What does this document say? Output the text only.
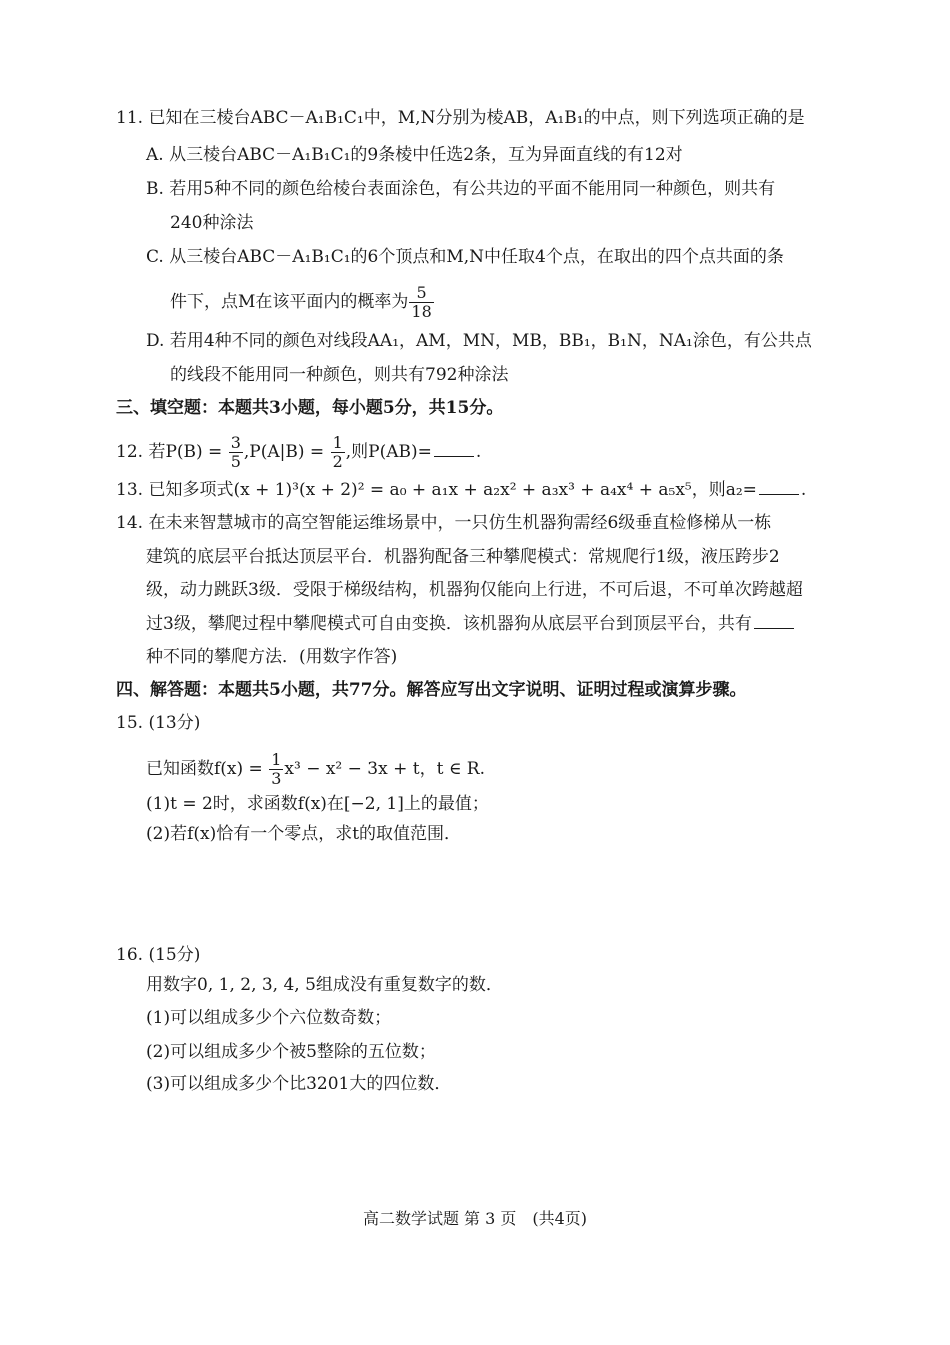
11. 已知在三棱台ABC－A₁B₁C₁中，M,N分别为棱AB，A₁B₁的中点，则下列选项正确的是
A. 从三棱台ABC－A₁B₁C₁的9条棱中任选2条，互为异面直线的有12对
B. 若用5种不同的颜色给棱台表面涂色，有公共边的平面不能用同一种颜色，则共有
240种涂法
C. 从三棱台ABC－A₁B₁C₁的6个顶点和M,N中任取4个点，在取出的四个点共面的条
件下，点M在该平面内的概率为 $\frac{5}{18}$
D. 若用4种不同的颜色对线段AA₁，AM，MN，MB，BB₁，B₁N，NA₁涂色，有公共点
的线段不能用同一种颜色，则共有792种涂法
三、填空题：本题共3小题，每小题5分，共15分。
12. 若$P(B) = \frac{3}{5} ,P(A|B) = \frac{1}{2}$ ,则P(AB)=	.
13. 已知多项式(x + 1)³(x + 2)² = a₀ + a₁x + a₂x² + a₃x³ + a₄x⁴ + a₅x⁵，则a₂=	.
14. 在未来智慧城市的高空智能运维场景中，一只仿生机器狗需经6级垂直检修梯从一栋
建筑的底层平台抵达顶层平台．机器狗配备三种攀爬模式：常规爬行1级，液压跨步2
级，动力跳跃3级．受限于梯级结构，机器狗仅能向上行进，不可后退，不可单次跨越超
过3级，攀爬过程中攀爬模式可自由变换．该机器狗从底层平台到顶层平台，共有
种不同的攀爬方法．(用数字作答)
四、解答题：本题共5小题，共77分。解答应写出文字说明、证明过程或演算步骤。
15. (13分)
已知函数$f(x) = \frac{1}{3} x^3 - x^2 - 3x + t$，t ∈ R.
(1)t = 2时，求函数f(x)在[−2, 1]上的最值；
(2)若f(x)恰有一个零点，求t的取值范围．
16. (15分)
用数字0, 1, 2, 3, 4, 5组成没有重复数字的数．
(1)可以组成多少个六位数奇数；
(2)可以组成多少个被5整除的五位数；
(3)可以组成多少个比3201大的四位数．
高二数学试题 第 3 页　(共4页)
